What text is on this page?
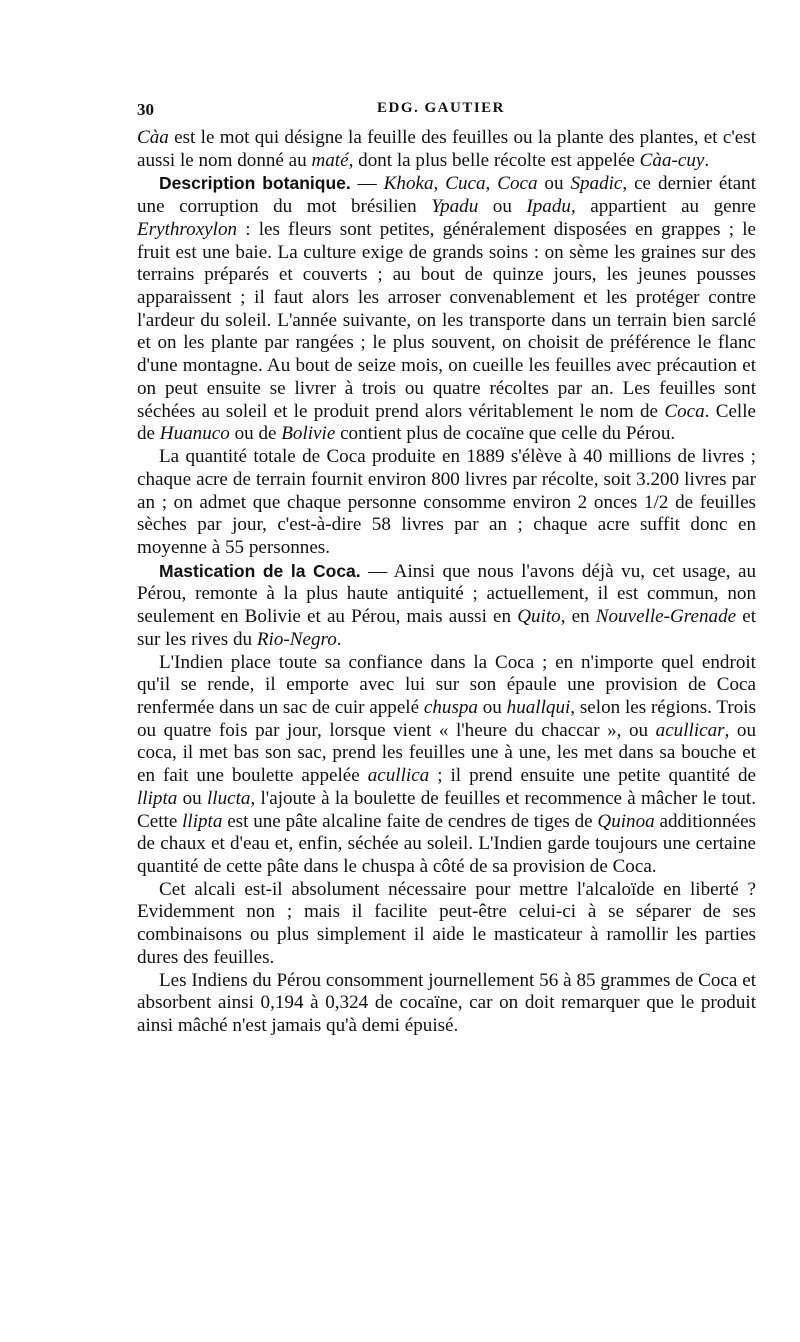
30	EDG. GAUTIER

Càa est le mot qui désigne la feuille des feuilles ou la plante des plantes, et c'est aussi le nom donné au maté, dont la plus belle récolte est appelée Càa-cuy.

Description botanique. — Khoka, Cuca, Coca ou Spadic, ce dernier étant une corruption du mot brésilien Ypadu ou Ipadu, appartient au genre Erythroxylon : les fleurs sont petites, généralement disposées en grappes ; le fruit est une baie. La culture exige de grands soins : on sème les graines sur des terrains préparés et couverts ; au bout de quinze jours, les jeunes pousses apparaissent ; il faut alors les arroser convenablement et les protéger contre l'ardeur du soleil. L'année suivante, on les transporte dans un terrain bien sarclé et on les plante par rangées ; le plus souvent, on choisit de préférence le flanc d'une montagne. Au bout de seize mois, on cueille les feuilles avec précaution et on peut ensuite se livrer à trois ou quatre récoltes par an. Les feuilles sont séchées au soleil et le produit prend alors véritablement le nom de Coca. Celle de Huanuco ou de Bolivie contient plus de cocaïne que celle du Pérou.

La quantité totale de Coca produite en 1889 s'élève à 40 millions de livres ; chaque acre de terrain fournit environ 800 livres par récolte, soit 3.200 livres par an ; on admet que chaque personne consomme environ 2 onces 1/2 de feuilles sèches par jour, c'est-à-dire 58 livres par an ; chaque acre suffit donc en moyenne à 55 personnes.

Mastication de la Coca. — Ainsi que nous l'avons déjà vu, cet usage, au Pérou, remonte à la plus haute antiquité ; actuellement, il est commun, non seulement en Bolivie et au Pérou, mais aussi en Quito, en Nouvelle-Grenade et sur les rives du Rio-Negro.

L'Indien place toute sa confiance dans la Coca ; en n'importe quel endroit qu'il se rende, il emporte avec lui sur son épaule une provision de Coca renfermée dans un sac de cuir appelé chuspa ou huallqui, selon les régions. Trois ou quatre fois par jour, lorsque vient « l'heure du chaccar », ou acullicar, ou coca, il met bas son sac, prend les feuilles une à une, les met dans sa bouche et en fait une boulette appelée acullica ; il prend ensuite une petite quantité de llipta ou llucta, l'ajoute à la boulette de feuilles et recommence à mâcher le tout. Cette llipta est une pâte alcaline faite de cendres de tiges de Quinoa additionnées de chaux et d'eau et, enfin, séchée au soleil. L'Indien garde toujours une certaine quantité de cette pâte dans le chuspa à côté de sa provision de Coca.

Cet alcali est-il absolument nécessaire pour mettre l'alcaloïde en liberté ? Evidemment non ; mais il facilite peut-être celui-ci à se séparer de ses combinaisons ou plus simplement il aide le masticateur à ramollir les parties dures des feuilles.

Les Indiens du Pérou consomment journellement 56 à 85 grammes de Coca et absorbent ainsi 0,194 à 0,324 de cocaïne, car on doit remarquer que le produit ainsi mâché n'est jamais qu'à demi épuisé.
